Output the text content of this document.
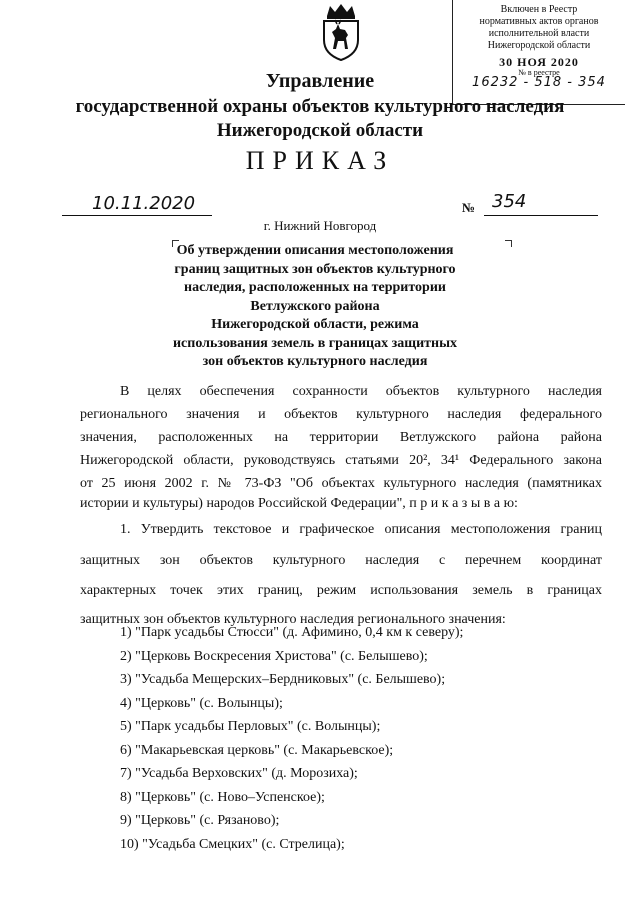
Включен в Реестр
нормативных актов органов
исполнительной власти
Нижегородской области
30 НОЯ 2020
№ в реестре
16232 - 518 - 354
Управление
государственной охраны объектов культурного наследия
Нижегородской области
ПРИКАЗ
10.11.2020	№ 354
г. Нижний Новгород
Об утверждении описания местоположения
границ защитных зон объектов культурного
наследия, расположенных на территории
Ветлужского района
Нижегородской области, режима
использования земель в границах защитных
зон объектов культурного наследия
В целях обеспечения сохранности объектов культурного наследия
регионального значения и объектов культурного наследия федерального
значения, расположенных на территории Ветлужского района района
Нижегородской области, руководствуясь статьями 20², 34¹ Федерального закона
от 25 июня 2002 г. № 73-ФЗ "Об объектах культурного наследия (памятниках
истории и культуры) народов Российской Федерации", п р и к а з ы в а ю:
1. Утвердить текстовое и графическое описания местоположения границ
защитных зон объектов культурного наследия с перечнем координат
характерных точек этих границ, режим использования земель в границах
защитных зон объектов культурного наследия регионального значения:
1) "Парк усадьбы Стюсси" (д. Афимино, 0,4 км к северу);
2) "Церковь Воскресения Христова" (с. Белышево);
3) "Усадьба Мещерских–Бердниковых" (с. Белышево);
4) "Церковь" (с. Волынцы);
5) "Парк усадьбы Перловых" (с. Волынцы);
6) "Макарьевская церковь" (с. Макарьевское);
7) "Усадьба Верховских" (д. Морозиха);
8) "Церковь" (с. Ново–Успенское);
9) "Церковь" (с. Рязаново);
10) "Усадьба Смецких" (с. Стрелица);
